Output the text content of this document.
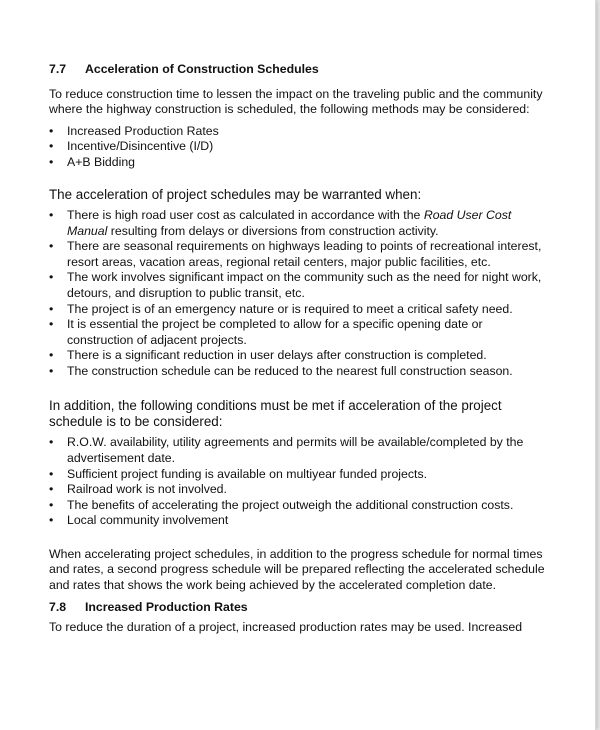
7.7 Acceleration of Construction Schedules

To reduce construction time to lessen the impact on the traveling public and the community where the highway construction is scheduled, the following methods may be considered:

•	Increased Production Rates
•	Incentive/Disincentive (I/D)
•	A+B Bidding

The acceleration of project schedules may be warranted when:

•	There is high road user cost as calculated in accordance with the Road User Cost Manual resulting from delays or diversions from construction activity.
•	There are seasonal requirements on highways leading to points of recreational interest, resort areas, vacation areas, regional retail centers, major public facilities, etc.
•	The work involves significant impact on the community such as the need for night work, detours, and disruption to public transit, etc.
•	The project is of an emergency nature or is required to meet a critical safety need.
•	It is essential the project be completed to allow for a specific opening date or construction of adjacent projects.
•	There is a significant reduction in user delays after construction is completed.
•	The construction schedule can be reduced to the nearest full construction season.

In addition, the following conditions must be met if acceleration of the project schedule is to be considered:

•	R.O.W. availability, utility agreements and permits will be available/completed by the advertisement date.
•	Sufficient project funding is available on multiyear funded projects.
•	Railroad work is not involved.
•	The benefits of accelerating the project outweigh the additional construction costs.
•	Local community involvement

When accelerating project schedules, in addition to the progress schedule for normal times and rates, a second progress schedule will be prepared reflecting the accelerated schedule and rates that shows the work being achieved by the accelerated completion date.

7.8 Increased Production Rates

To reduce the duration of a project, increased production rates may be used. Increased
